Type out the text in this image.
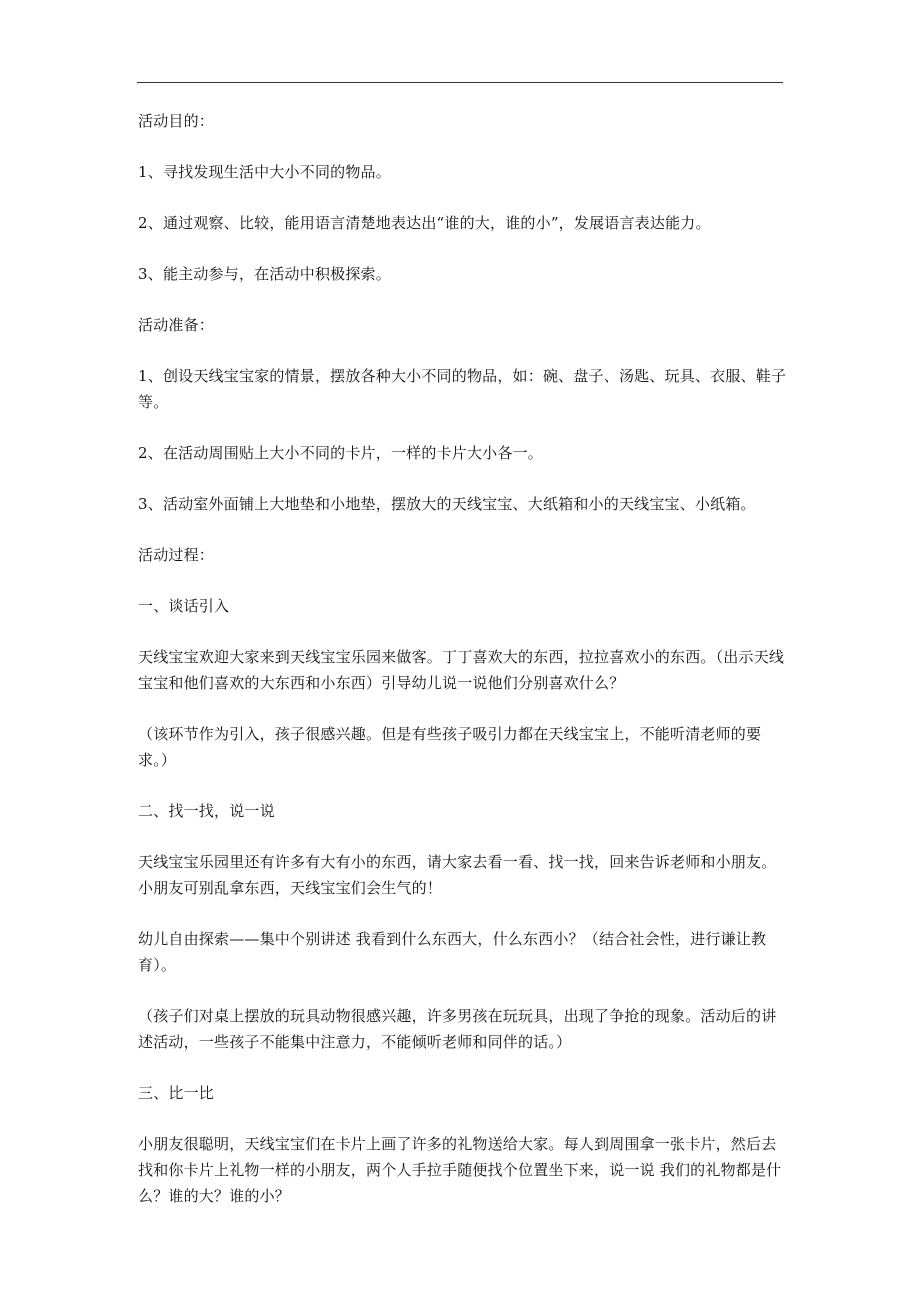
活动目的：

1、寻找发现生活中大小不同的物品。

2、通过观察、比较，能用语言清楚地表达出“谁的大，谁的小”，发展语言表达能力。

3、能主动参与，在活动中积极探索。

活动准备：

1、创设天线宝宝家的情景，摆放各种大小不同的物品，如：碗、盘子、汤匙、玩具、衣服、鞋子等。

2、在活动周围贴上大小不同的卡片，一样的卡片大小各一。

3、活动室外面铺上大地垫和小地垫，摆放大的天线宝宝、大纸箱和小的天线宝宝、小纸箱。

活动过程：

一、谈话引入

天线宝宝欢迎大家来到天线宝宝乐园来做客。丁丁喜欢大的东西，拉拉喜欢小的东西。（出示天线宝宝和他们喜欢的大东西和小东西）引导幼儿说一说他们分别喜欢什么？

（该环节作为引入，孩子很感兴趣。但是有些孩子吸引力都在天线宝宝上，不能听清老师的要求。）

二、找一找，说一说

天线宝宝乐园里还有许多有大有小的东西，请大家去看一看、找一找，回来告诉老师和小朋友。小朋友可别乱拿东西，天线宝宝们会生气的！

幼儿自由探索——集中个别讲述 我看到什么东西大，什么东西小？（结合社会性，进行谦让教育）。

（孩子们对桌上摆放的玩具动物很感兴趣，许多男孩在玩玩具，出现了争抢的现象。活动后的讲述活动，一些孩子不能集中注意力，不能倾听老师和同伴的话。）

三、比一比

小朋友很聪明，天线宝宝们在卡片上画了许多的礼物送给大家。每人到周围拿一张卡片，然后去找和你卡片上礼物一样的小朋友，两个人手拉手随便找个位置坐下来，说一说 我们的礼物都是什么？谁的大？谁的小？
